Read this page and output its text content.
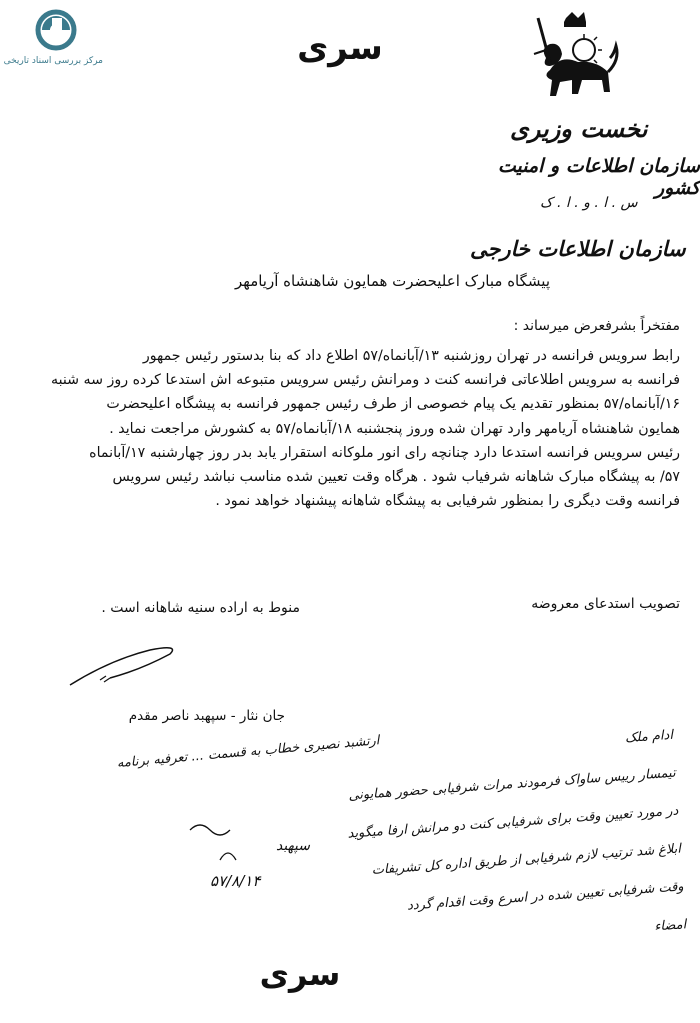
مرکز بررسی اسناد تاریخی	سری
نخست وزیری
سازمان اطلاعات و امنیت کشور
س . ا . و . ا . ک
سازمان اطلاعات خارجی
پیشگاه مبارک اعلیحضرت همایون شاهنشاه آریامهر
مفتخراً بشرفعرض میرساند :

رابط سرویس فرانسه در تهران روزشنبه ۱۳/آبانماه/۵۷ اطلاع داد که بنا بدستور رئیس جمهور

فرانسه به سرویس اطلاعاتی فرانسه کنت د ومرانش رئیس سرویس متبوعه اش استدعا کرده روز سه شنبه

۱۶/آبانماه/۵۷ بمنظور تقدیم یک پیام خصوصی از طرف رئیس جمهور فرانسه به پیشگاه اعلیحضرت

همایون شاهنشاه آریامهر وارد تهران شده وروز پنجشنبه ۱۸/آبانماه/۵۷ به کشورش مراجعت نماید .

رئیس سرویس فرانسه استدعا دارد چنانچه رای انور ملوکانه استقرار یابد بدر روز چهارشنبه ۱۷/آبانماه

۵۷/ به پیشگاه مبارک شاهانه شرفیاب شود . هرگاه وقت تعیین شده مناسب نباشد رئیس سرویس

فرانسه وقت دیگری را بمنظور شرفیابی به پیشگاه شاهانه پیشنهاد خواهد نمود .

تصویب استدعای معروضه
منوط به اراده سنیه شاهانه است .
جان نثار - سپهبد ناصر مقدم

ادام ملک

تیمسار رییس ساواک فرمودند مرات شرفیابی حضور همایونی

در مورد تعیین وقت برای شرفیابی کنت دو مرانش ارفا میگوید

ابلاغ شد ترتیب لازم شرفیابی از طریق اداره کل تشریفات

وقت شرفیابی تعیین شده در اسرع وقت اقدام گردد

امضاء

ارتشبد نصیری خطاب به قسمت ... تعرفیه برنامه
سپهبد
۵۷/۸/۱۴
سری
